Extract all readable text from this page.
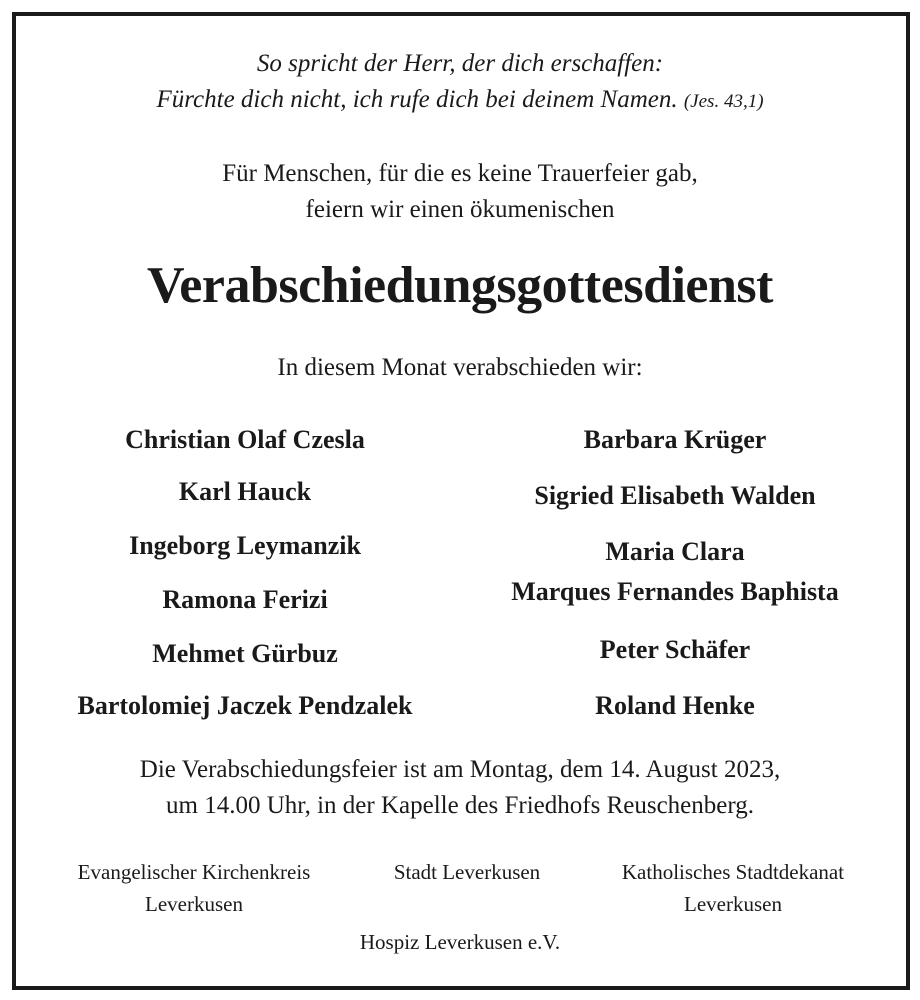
So spricht der Herr, der dich erschaffen:
Fürchte dich nicht, ich rufe dich bei deinem Namen. (Jes. 43,1)
Für Menschen, für die es keine Trauerfeier gab,
feiern wir einen ökumenischen
Verabschiedungsgottesdienst
In diesem Monat verabschieden wir:
Christian Olaf Czesla
Karl Hauck
Ingeborg Leymanzik
Ramona Ferizi
Mehmet Gürbuz
Bartolomiej Jaczek Pendzalek
Barbara Krüger
Sigried Elisabeth Walden
Maria Clara
Marques Fernandes Baphista
Peter Schäfer
Roland Henke
Die Verabschiedungsfeier ist am Montag, dem 14. August 2023,
um 14.00 Uhr, in der Kapelle des Friedhofs Reuschenberg.
Evangelischer Kirchenkreis
Leverkusen
Stadt Leverkusen	Katholisches Stadtdekanat
Leverkusen
Hospiz Leverkusen e.V.
